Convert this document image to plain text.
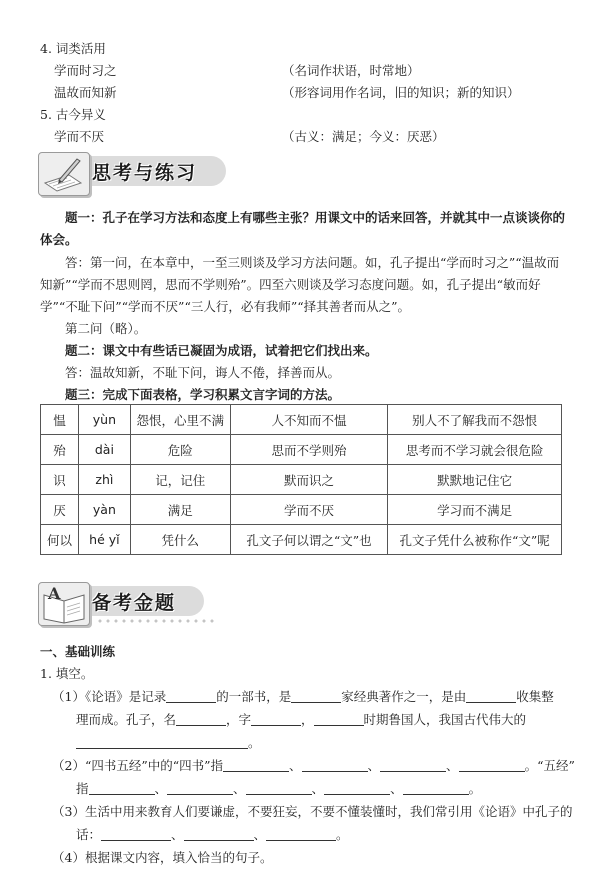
4. 词类活用
学而时习之	（名词作状语，时常地）
温故而知新	（形容词用作名词，旧的知识；新的知识）
5. 古今异义
学而不厌	（古义：满足；今义：厌恶）
思考与练习
题一：孔子在学习方法和态度上有哪些主张？用课文中的话来回答，并就其中一点谈谈你的体会。
答：第一问，在本章中，一至三则谈及学习方法问题。如，孔子提出“学而时习之”“温故而知新”“学而不思则罔，思而不学则殆”。四至六则谈及学习态度问题。如，孔子提出“敏而好学”“不耻下问”“学而不厌”“三人行，必有我师”“择其善者而从之”。
第二问（略）。
题二：课文中有些话已凝固为成语，试着把它们找出来。
答：温故知新，不耻下问，诲人不倦，择善而从。
题三：完成下面表格，学习积累文言字词的方法。
愠	yùn	怨恨，心里不满	人不知而不愠	别人不了解我而不怨恨
殆	dài	危险	思而不学则殆	思考而不学习就会很危险
识	zhì	记，记住	默而识之	默默地记住它
厌	yàn	满足	学而不厌	学习而不满足
何以	hé yǐ	凭什么	孔文子何以谓之“文”也	孔文子凭什么被称作“文”呢
A 备考金题
一、基础训练
1. 填空。
（1）《论语》是记录	的一部书，是	家经典著作之一，是由	收集整
理而成。孔子，名	，字	，	时期鲁国人，我国古代伟大的
。
（2）“四书五经”中的“四书”指	、	、	、	。“五经”
指	、	、	、	、	。
（3）生活中用来教育人们要谦虚，不要狂妄，不要不懂装懂时，我们常引用《论语》中孔子的
话：	、	、	。
（4）根据课文内容，填入恰当的句子。
